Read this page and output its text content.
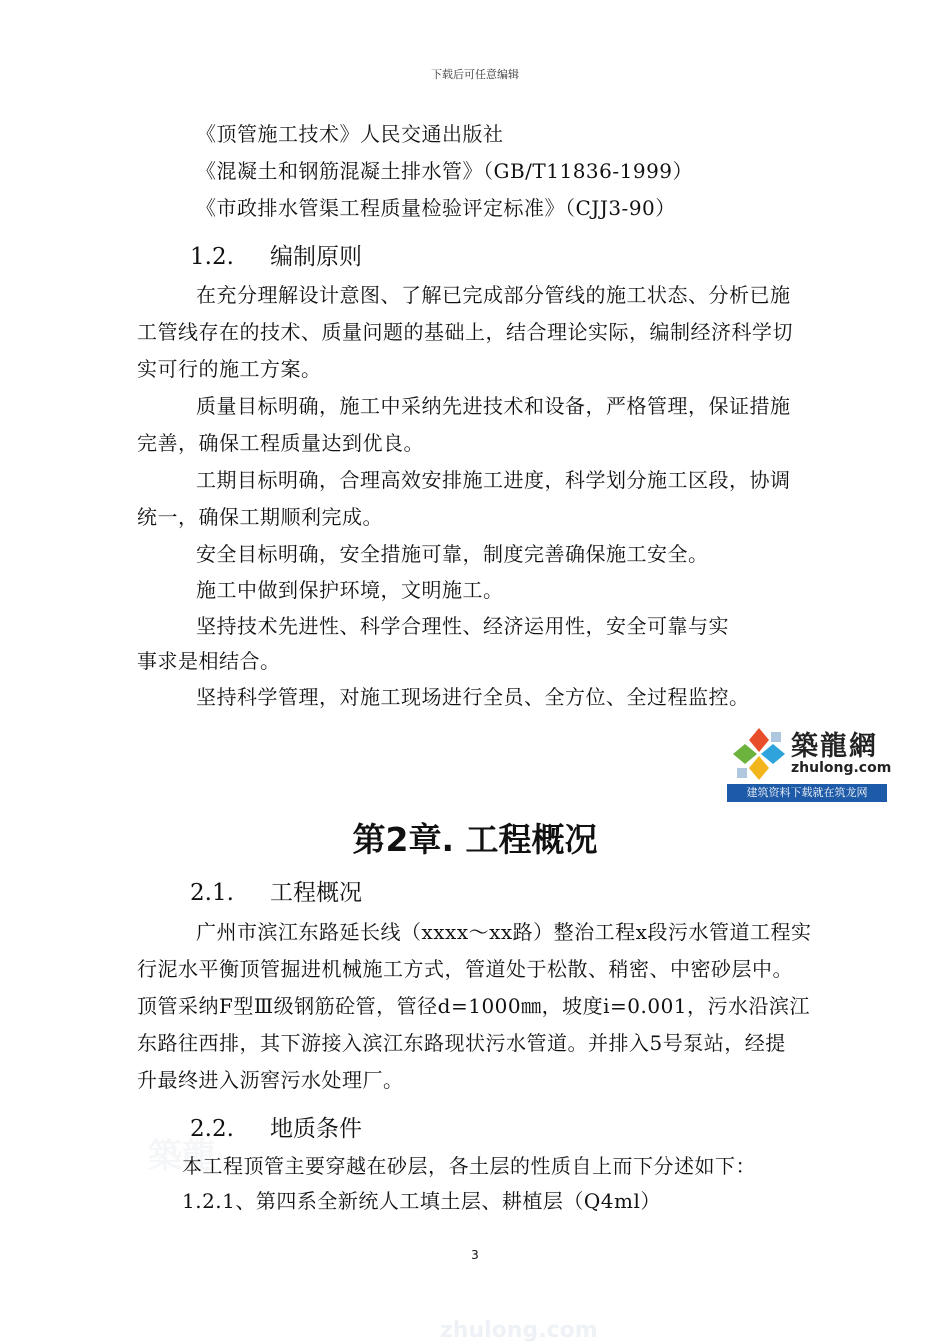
下载后可任意编辑
《顶管施工技术》人民交通出版社
《混凝土和钢筋混凝土排水管》（GB/T11836-1999）
《市政排水管渠工程质量检验评定标准》（CJJ3-90）
1.2. 编制原则
在充分理解设计意图、了解已完成部分管线的施工状态、分析已施
工管线存在的技术、质量问题的基础上，结合理论实际，编制经济科学切
实可行的施工方案。
质量目标明确，施工中采纳先进技术和设备，严格管理，保证措施
完善，确保工程质量达到优良。
工期目标明确，合理高效安排施工进度，科学划分施工区段，协调
统一，确保工期顺利完成。
安全目标明确，安全措施可靠，制度完善确保施工安全。
施工中做到保护环境，文明施工。
坚持技术先进性、科学合理性、经济运用性，安全可靠与实
事求是相结合。
坚持科学管理，对施工现场进行全员、全方位、全过程监控。
築龍網
zhulong.com
建筑资料下载就在筑龙网
第2章. 工程概况
2.1. 工程概况
广州市滨江东路延长线（xxxx～xx路）整治工程x段污水管道工程实
行泥水平衡顶管掘进机械施工方式，管道处于松散、稍密、中密砂层中。
顶管采纳F型Ⅲ级钢筋砼管，管径d=1000㎜，坡度i=0.001，污水沿滨江
东路往西排，其下游接入滨江东路现状污水管道。并排入5号泵站，经提
升最终进入沥窖污水处理厂。
築龍
2.2. 地质条件
本工程顶管主要穿越在砂层，各土层的性质自上而下分述如下：
1.2.1、第四系全新统人工填土层、耕植层（Q4ml）
3
zhulong.com
